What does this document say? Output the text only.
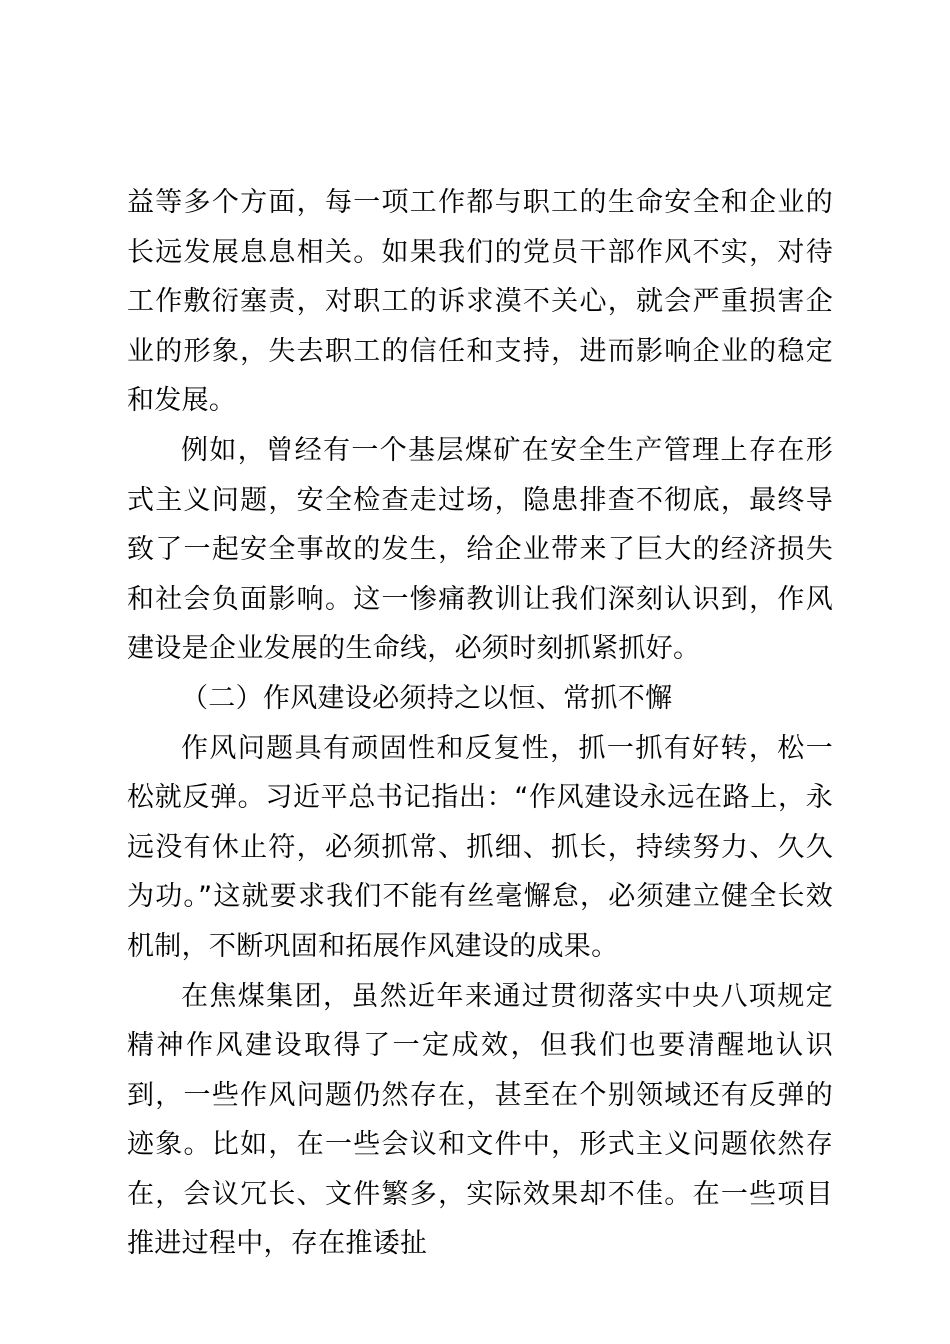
益等多个方面，每一项工作都与职工的生命安全和企业的长远发展息息相关。如果我们的党员干部作风不实，对待工作敷衍塞责，对职工的诉求漠不关心，就会严重损害企业的形象，失去职工的信任和支持，进而影响企业的稳定和发展。

例如，曾经有一个基层煤矿在安全生产管理上存在形式主义问题，安全检查走过场，隐患排查不彻底，最终导致了一起安全事故的发生，给企业带来了巨大的经济损失和社会负面影响。这一惨痛教训让我们深刻认识到，作风建设是企业发展的生命线，必须时刻抓紧抓好。

（二）作风建设必须持之以恒、常抓不懈

作风问题具有顽固性和反复性，抓一抓有好转，松一松就反弹。习近平总书记指出：“作风建设永远在路上，永远没有休止符，必须抓常、抓细、抓长，持续努力、久久为功。”这就要求我们不能有丝毫懈怠，必须建立健全长效机制，不断巩固和拓展作风建设的成果。

在焦煤集团，虽然近年来通过贯彻落实中央八项规定精神作风建设取得了一定成效，但我们也要清醒地认识到，一些作风问题仍然存在，甚至在个别领域还有反弹的迹象。比如，在一些会议和文件中，形式主义问题依然存在，会议冗长、文件繁多，实际效果却不佳。在一些项目推进过程中，存在推诿扯
